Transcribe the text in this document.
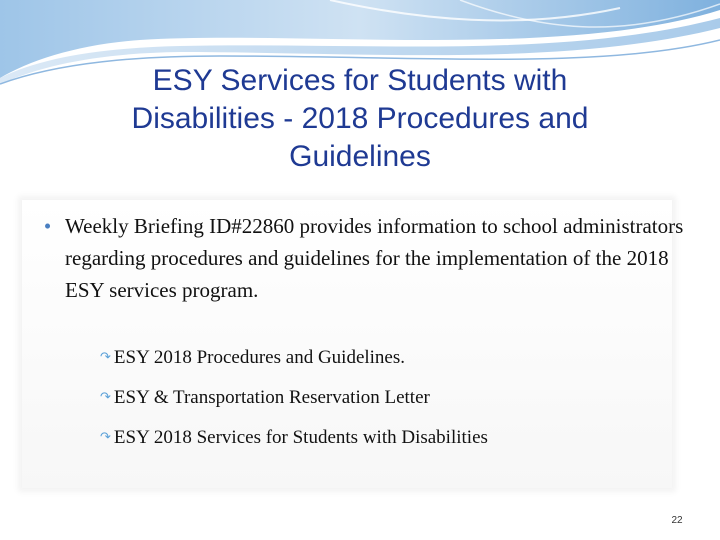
ESY Services for Students with
Disabilities - 2018 Procedures and
Guidelines
• Weekly Briefing ID#22860 provides information to school administrators regarding procedures and guidelines for the implementation of the 2018 ESY services program.
↷ ESY 2018 Procedures and Guidelines.
↷ ESY & Transportation Reservation Letter
↷ ESY 2018 Services for Students with Disabilities
22
